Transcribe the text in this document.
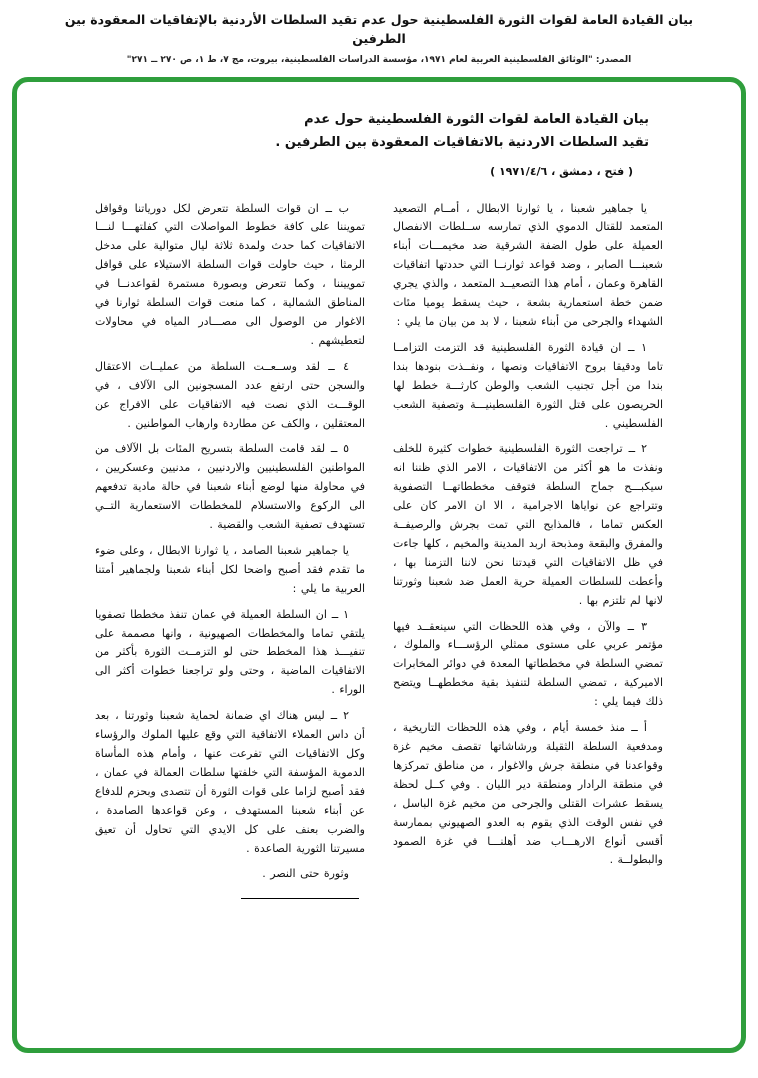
بيان القيادة العامة لقوات الثورة الفلسطينية حول عدم تقيد السلطات الأردنية بالإتفاقيات المعقودة بين الطرفين
المصدر: "الوثائق الفلسطينية العربية لعام ١٩٧١، مؤسسة الدراسات الفلسطينية، بيروت، مج ٧، ط ١، ص ٢٧٠ ــ ٢٧١"
بيان القيادة العامة لقوات الثورة الفلسطينية حول عدم
تقيد السلطات الاردنية بالاتفاقيات المعقودة بين الطرفين .
( فتح ، دمشق ، ١٩٧١/٤/٦ )

يا جماهير شعبنا ، يا ثوارنا الابطال ، أمــام التصعيد المتعمد للقتال الدموي الذي تمارسه ســلطات الانفصال العميلة على طول الضفة الشرقية ضد مخيمـــات أبناء شعبنـــا الصابر ، وضد قواعد ثوارنــا التي حددتها اتفاقيات القاهرة وعمان ، أمام هذا التصعيــد المتعمد ، والذي يجري ضمن خطة استعمارية بشعة ، حيث يسقط يوميا مئات الشهداء والجرحى من أبناء شعبنا ، لا بد من بيان ما يلي :

١ ــ ان قيادة الثورة الفلسطينية قد التزمت التزامــا تاما ودقيقا بروح الاتفاقيات ونصها ، ونفــذت بنودها بندا بندا من أجل تجنيب الشعب والوطن كارثـــة خطط لها الحريصون على قتل الثورة الفلسطينيـــة وتصفية الشعب الفلسطيني .

٢ ــ تراجعت الثورة الفلسطينية خطوات كثيرة للخلف ونفذت ما هو أكثر من الاتفاقيات ، الامر الذي ظننا انه سيكبـــح جماح السلطة فتوقف مخططاتهــا التصفوية وتتراجع عن نواياها الاجرامية ، الا ان الامر كان على العكس تماما ، فالمذابح التي تمت بجرش والرصيفــة والمفرق والبقعة ومذبحة اربد المدينة والمخيم ، كلها جاءت في ظل الاتفاقيات التي قيدتنا نحن لاننا التزمنا بها ، وأعطت للسلطات العميلة حرية العمل ضد شعبنا وثورتنا لانها لم تلتزم بها .

٣ ــ والآن ، وفي هذه اللحظات التي سينعقــد فيها مؤتمر عربي على مستوى ممثلي الرؤســـاء والملوك ، تمضي السلطة في مخططاتها المعدة في دوائر المخابرات الاميركية ، تمضي السلطة لتنفيذ بقية مخططهــا ويتضح ذلك فيما يلي :

أ ــ منذ خمسة أيام ، وفي هذه اللحظات التاريخية ، ومدفعية السلطة الثقيلة ورشاشاتها تقصف مخيم غزة وقواعدنا في منطقة جرش والاغوار ، من مناطق تمركزها في منطقة الرادار ومنطقة دير الليان . وفي كــل لحظة يسقط عشرات القتلى والجرحى من مخيم غزة الباسل ، في نفس الوقت الذي يقوم به العدو الصهيوني بممارسة أقسى أنواع الارهـــاب ضد أهلنـــا في غزة الصمود والبطولــة .

ب ــ ان قوات السلطة تتعرض لكل دورياتنا وقوافل تمويننا على كافة خطوط المواصلات التي كفلتهـــا لنـــا الاتفاقيات كما حدث ولمدة ثلاثة ليال متوالية على مدخل الرمثا ، حيث حاولت قوات السلطة الاستيلاء على قوافل تموييننا ، وكما تتعرض وبصورة مستمرة لقواعدنــا في المناطق الشمالية ، كما منعت قوات السلطة ثوارنا في الاغوار من الوصول الى مصـــادر المياه في محاولات لتعطيشهم .

٤ ــ لقد وســعــت السلطة من عمليــات الاعتقال والسجن حتى ارتفع عدد المسجونين الى الآلاف ، في الوقـــت الذي نصت فيه الاتفاقيات على الافراج عن المعتقلين ، والكف عن مطاردة وارهاب المواطنين .

٥ ــ لقد قامت السلطة بتسريح المئات بل الآلاف من المواطنين الفلسطينيين والاردنيين ، مدنيين وعسكريين ، في محاولة منها لوضع أبناء شعبنا في حالة مادية تدفعهم الى الركوع والاستسلام للمخططات الاستعمارية التــي تستهدف تصفية الشعب والقضية .

يا جماهير شعبنا الصامد ، يا ثوارنا الابطال ، وعلى ضوء ما تقدم فقد أصبح واضحا لكل أبناء شعبنا ولجماهير أمتنا العربية ما يلي :

١ ــ ان السلطة العميلة في عمان تنفذ مخططا تصفويا يلتقي تماما والمخططات الصهيونية ، وانها مصممة على تنفيـــذ هذا المخطط حتى لو التزمــت الثورة بأكثر من الاتفاقيات الماضية ، وحتى ولو تراجعنا خطوات أكثر الى الوراء .

٢ ــ ليس هناك اي ضمانة لحماية شعبنا وثورتنا ، بعد أن داس العملاء الاتفاقية التي وقع عليها الملوك والرؤساء وكل الاتفاقيات التي تفرعت عنها ، وأمام هذه المأساة الدموية المؤسفة التي خلفتها سلطات العمالة في عمان ، فقد أصبح لزاما على قوات الثورة أن تتصدى وبحزم للدفاع عن أبناء شعبنا المستهدف ، وعن قواعدها الصامدة ، والضرب بعنف على كل الايدي التي تحاول أن تعيق مسيرتنا الثورية الصاعدة .

وثورة حتى النصر .
